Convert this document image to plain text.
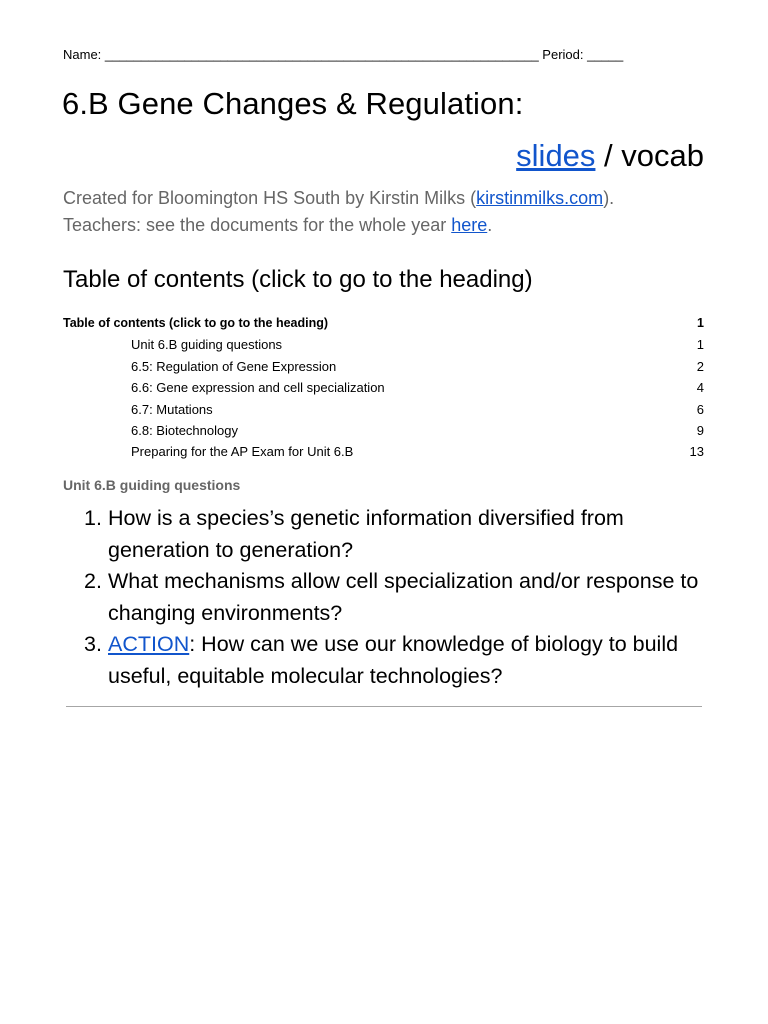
Name: ____________________________________________________________ Period: _____
6.B Gene Changes & Regulation:
slides / vocab
Created for Bloomington HS South by Kirstin Milks (kirstinmilks.com).
Teachers: see the documents for the whole year here.
Table of contents (click to go to the heading)
Table of contents (click to go to the heading)	1
Unit 6.B guiding questions	1
6.5: Regulation of Gene Expression	2
6.6: Gene expression and cell specialization	4
6.7: Mutations	6
6.8: Biotechnology	9
Preparing for the AP Exam for Unit 6.B	13
Unit 6.B guiding questions
1. How is a species’s genetic information diversified from generation to generation?
2. What mechanisms allow cell specialization and/or response to changing environments?
3. ACTION: How can we use our knowledge of biology to build useful, equitable molecular technologies?
